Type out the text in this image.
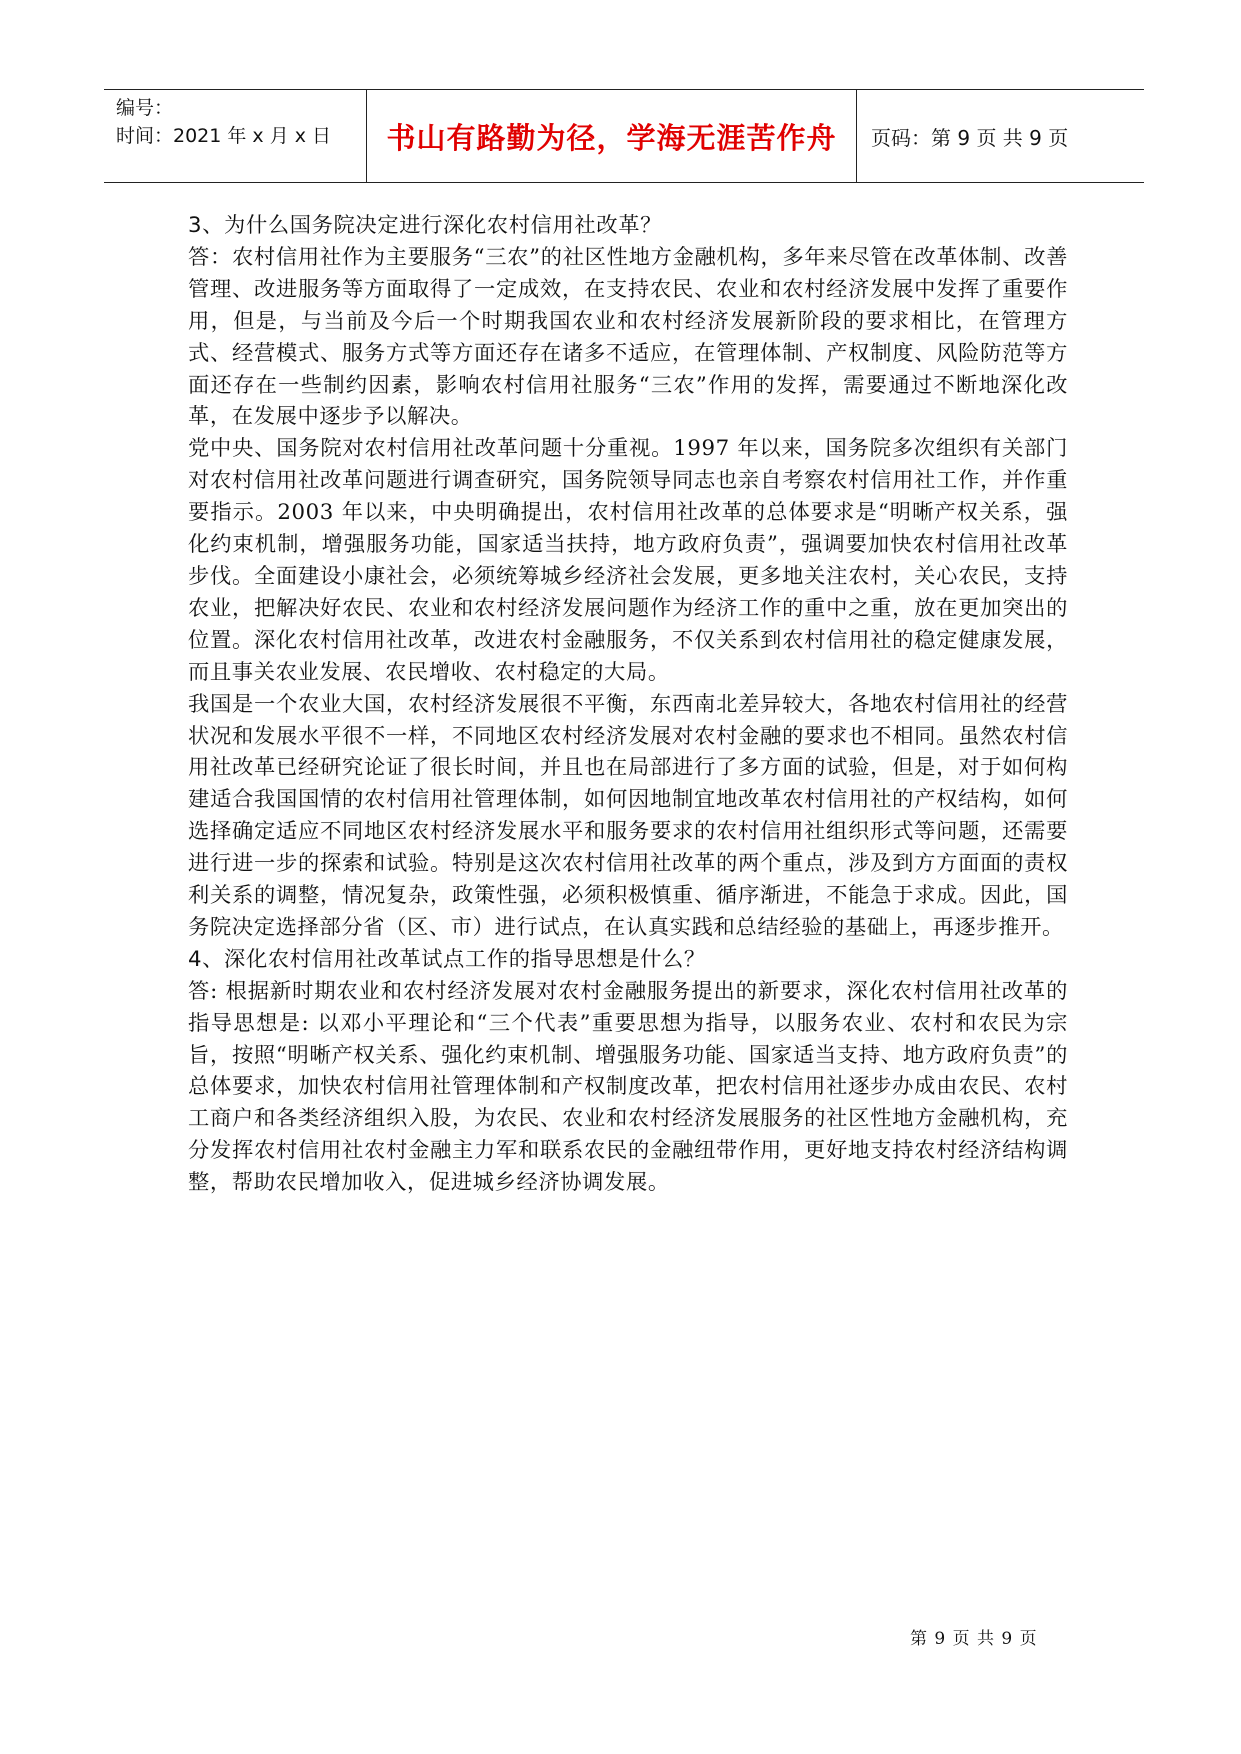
编号：
时间：2021 年 x 月 x 日	书山有路勤为径，学海无涯苦作舟	页码：第 9 页 共 9 页

3、为什么国务院决定进行深化农村信用社改革？

答：农村信用社作为主要服务“三农”的社区性地方金融机构，多年来尽管在改革体制、改善管理、改进服务等方面取得了一定成效，在支持农民、农业和农村经济发展中发挥了重要作用，但是，与当前及今后一个时期我国农业和农村经济发展新阶段的要求相比，在管理方式、经营模式、服务方式等方面还存在诸多不适应，在管理体制、产权制度、风险防范等方面还存在一些制约因素，影响农村信用社服务“三农”作用的发挥，需要通过不断地深化改革，在发展中逐步予以解决。

党中央、国务院对农村信用社改革问题十分重视。1997 年以来，国务院多次组织有关部门对农村信用社改革问题进行调查研究，国务院领导同志也亲自考察农村信用社工作，并作重要指示。2003 年以来，中央明确提出，农村信用社改革的总体要求是“明晰产权关系，强化约束机制，增强服务功能，国家适当扶持，地方政府负责”，强调要加快农村信用社改革步伐。全面建设小康社会，必须统筹城乡经济社会发展，更多地关注农村，关心农民，支持农业，把解决好农民、农业和农村经济发展问题作为经济工作的重中之重，放在更加突出的位置。深化农村信用社改革，改进农村金融服务，不仅关系到农村信用社的稳定健康发展，而且事关农业发展、农民增收、农村稳定的大局。

我国是一个农业大国，农村经济发展很不平衡，东西南北差异较大，各地农村信用社的经营状况和发展水平很不一样，不同地区农村经济发展对农村金融的要求也不相同。虽然农村信用社改革已经研究论证了很长时间，并且也在局部进行了多方面的试验，但是，对于如何构建适合我国国情的农村信用社管理体制，如何因地制宜地改革农村信用社的产权结构，如何选择确定适应不同地区农村经济发展水平和服务要求的农村信用社组织形式等问题，还需要进行进一步的探索和试验。特别是这次农村信用社改革的两个重点，涉及到方方面面的责权利关系的调整，情况复杂，政策性强，必须积极慎重、循序渐进，不能急于求成。因此，国务院决定选择部分省（区、市）进行试点，在认真实践和总结经验的基础上，再逐步推开。

4、深化农村信用社改革试点工作的指导思想是什么？

答: 根据新时期农业和农村经济发展对农村金融服务提出的新要求，深化农村信用社改革的指导思想是: 以邓小平理论和“三个代表”重要思想为指导，以服务农业、农村和农民为宗旨，按照“明晰产权关系、强化约束机制、增强服务功能、国家适当支持、地方政府负责”的总体要求，加快农村信用社管理体制和产权制度改革，把农村信用社逐步办成由农民、农村工商户和各类经济组织入股，为农民、农业和农村经济发展服务的社区性地方金融机构，充分发挥农村信用社农村金融主力军和联系农民的金融纽带作用，更好地支持农村经济结构调整，帮助农民增加收入，促进城乡经济协调发展。

第 9 页 共 9 页
